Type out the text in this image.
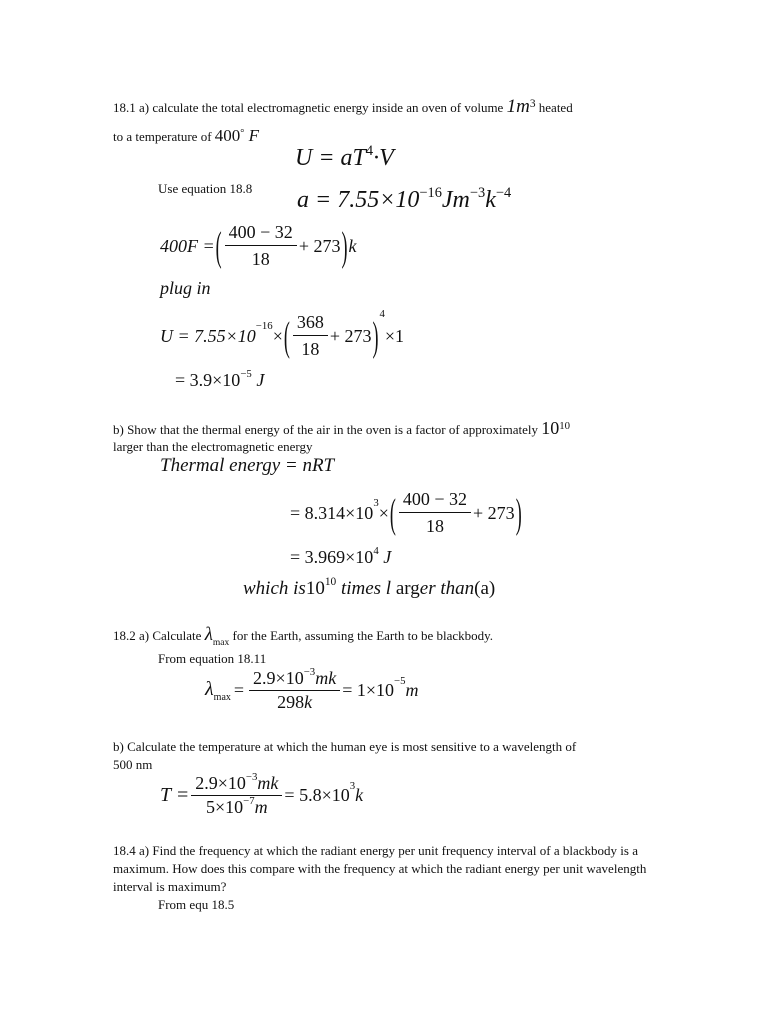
18.1 a) calculate the total electromagnetic energy inside an oven of volume $1m^3$ heated
to a temperature of 400° F
$U = aT^4\cdot V$
Use equation 18.8 $a = 7.55\times 10^{-16}Jm^{-3}k^{-4}$
400F = ( $\frac{400 - 32}{18} + 273$ ) k
plug in
$U = 7.55\times 10^{-16}$ × ( $\frac{368}{18} + 273$ )$^4$
×1
= $3.9\times 10^{-5}$ J
b) Show that the thermal energy of the air in the oven is a factor of approximately $10^{10}$
larger than the electromagnetic energy
Thermal energy = nRT
= $8.314\times 10^3$ × ( $\frac{400 - 32}{18} + 273$ )
= $3.969\times 10^4$ J
which $is10^{10}$ times l arger than(a)
18.2 a) Calculate $\lambda_{max}$ for the Earth, assuming the Earth to be blackbody.
From equation 18.11
$\lambda_{max} = \frac{2.9\times 10^{-3}mk}{298k} = 1\times 10^{-5}$ m
b) Calculate the temperature at which the human eye is most sensitive to a wavelength of
500 nm
$T = \frac{2.9\times 10^{-3}mk}{5\times 10^{-7}m} = 5.8\times 10^3$ k
18.4 a) Find the frequency at which the radiant energy per unit frequency interval of a blackbody is a maximum. How does this compare with the frequency at which the radiant energy per unit wavelength interval is maximum?
From equ 18.5
